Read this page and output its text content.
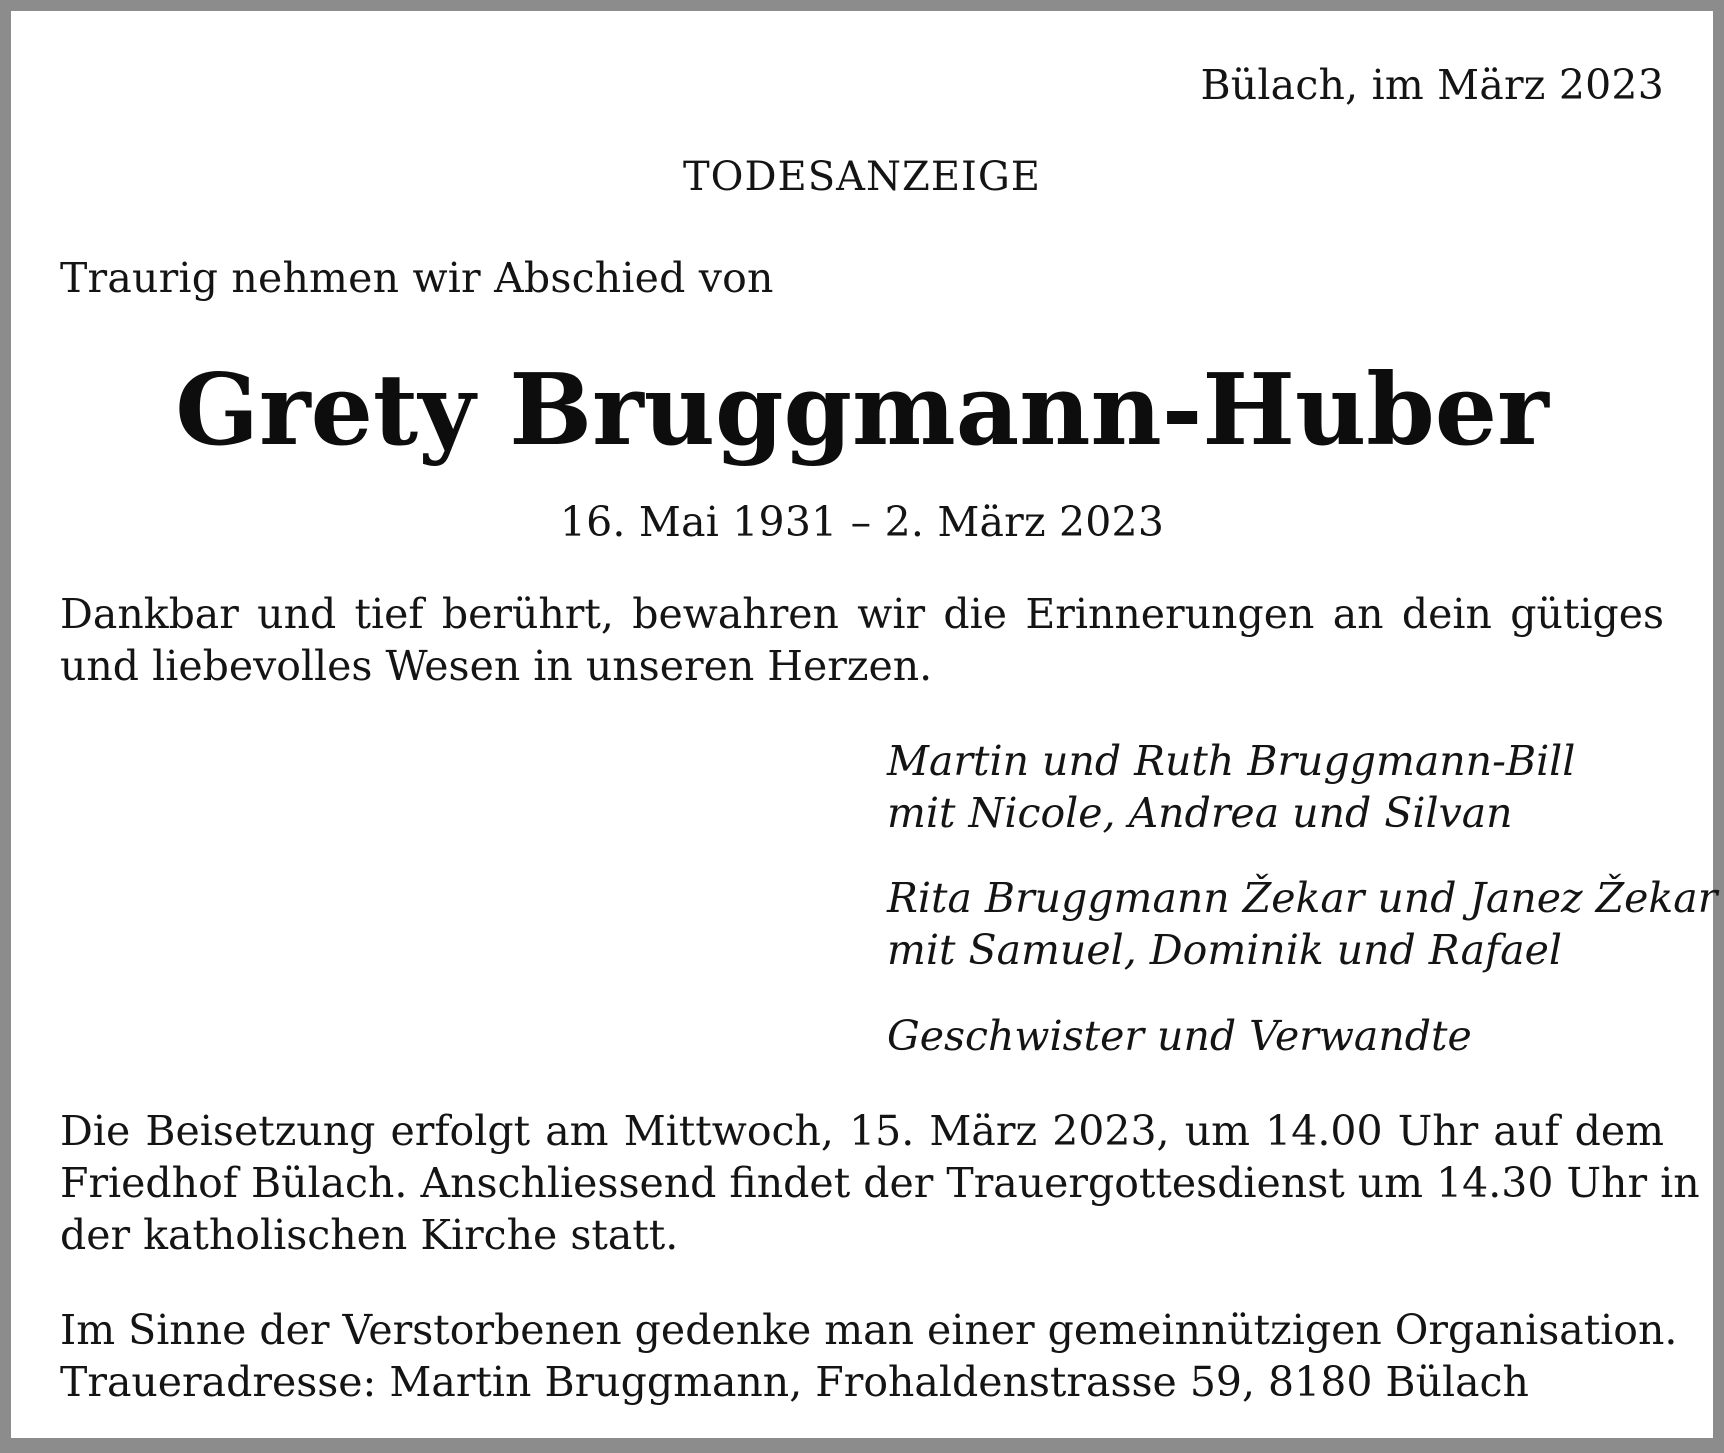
Bülach, im März 2023
TODESANZEIGE
Traurig nehmen wir Abschied von
Grety Bruggmann-Huber
16. Mai 1931 – 2. März 2023
Dankbar und tief berührt, bewahren wir die Erinnerungen an dein gütiges
und liebevolles Wesen in unseren Herzen.
Martin und Ruth Bruggmann-Bill
mit Nicole, Andrea und Silvan
Rita Bruggmann Žekar und Janez Žekar
mit Samuel, Dominik und Rafael
Geschwister und Verwandte
Die Beisetzung erfolgt am Mittwoch, 15. März 2023, um 14.00 Uhr auf dem
Friedhof Bülach. Anschliessend findet der Trauergottesdienst um 14.30 Uhr in
der katholischen Kirche statt.
Im Sinne der Verstorbenen gedenke man einer gemeinnützigen Organisation.
Traueradresse: Martin Bruggmann, Frohaldenstrasse 59, 8180 Bülach
